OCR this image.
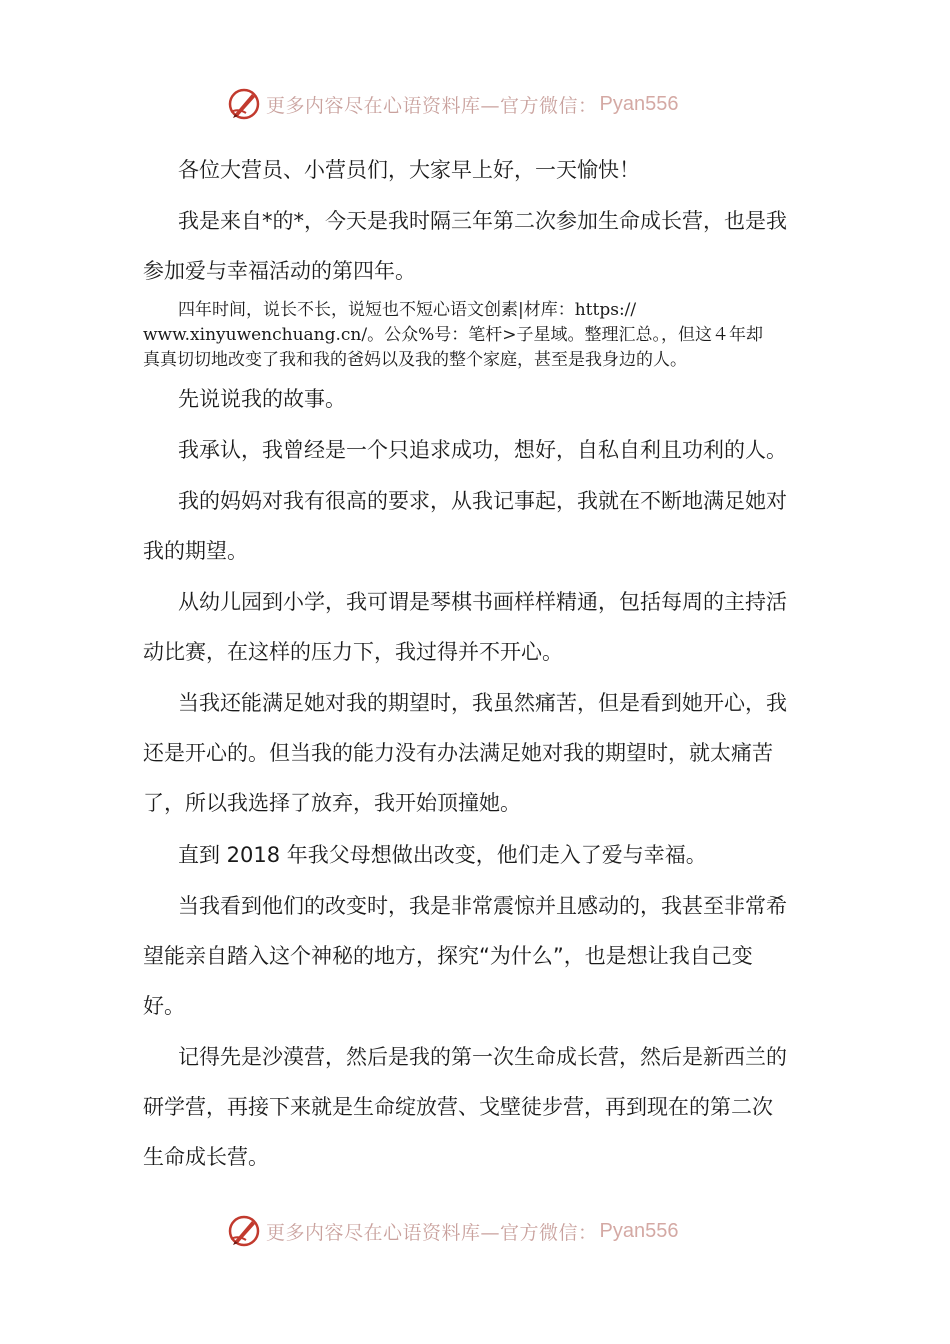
更多内容尽在心语资料库—官方微信： Pyan556

各位大营员、小营员们，大家早上好，一天愉快！

我是来自*的*，今天是我时隔三年第二次参加生命成长营，也是我
参加爱与幸福活动的第四年。

四年时间，说长不长，说短也不短心语文创素|材库：https://
www.xinyuwenchuang.cn/。公众%号：笔杆>子星域。整理汇总。，但这４年却
真真切切地改变了我和我的爸妈以及我的整个家庭，甚至是我身边的人。

先说说我的故事。

我承认，我曾经是一个只追求成功，想好，自私自利且功利的人。

我的妈妈对我有很高的要求，从我记事起，我就在不断地满足她对
我的期望。

从幼儿园到小学，我可谓是琴棋书画样样精通，包括每周的主持活
动比赛，在这样的压力下，我过得并不开心。

当我还能满足她对我的期望时，我虽然痛苦，但是看到她开心，我
还是开心的。但当我的能力没有办法满足她对我的期望时，就太痛苦
了，所以我选择了放弃，我开始顶撞她。

直到 2018 年我父母想做出改变，他们走入了爱与幸福。

当我看到他们的改变时，我是非常震惊并且感动的，我甚至非常希
望能亲自踏入这个神秘的地方，探究“为什么”，也是想让我自己变
好。

记得先是沙漠营，然后是我的第一次生命成长营，然后是新西兰的
研学营，再接下来就是生命绽放营、戈壁徒步营，再到现在的第二次
生命成长营。

更多内容尽在心语资料库—官方微信： Pyan556
